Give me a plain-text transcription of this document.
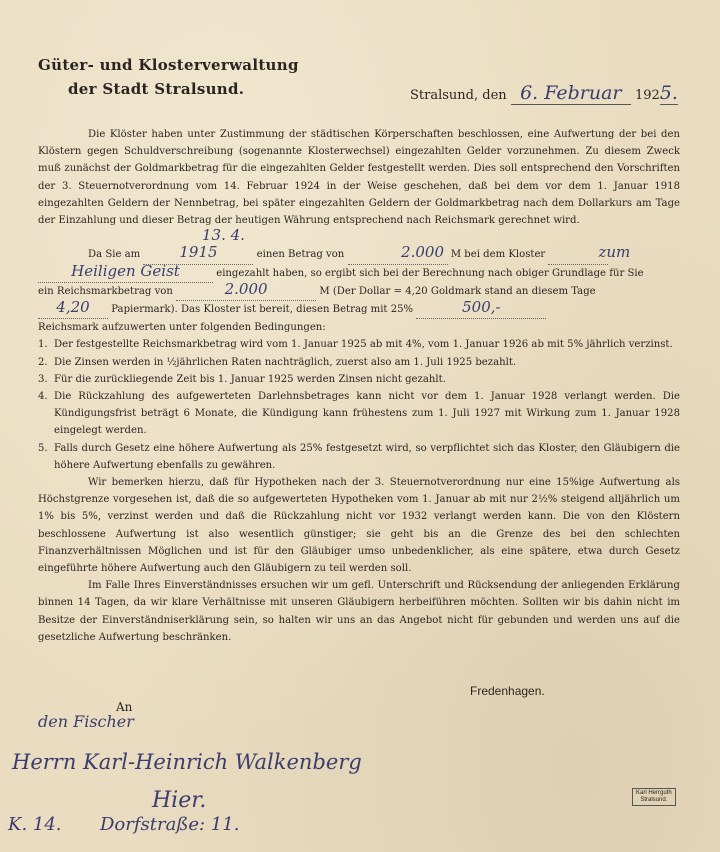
Güter- und Klosterverwaltung
der Stadt Stralsund.	Stralsund, den 6. Februar 1925.

Die Klöster haben unter Zustimmung der städtischen Körperschaften beschlossen, eine Aufwertung der bei den Klöstern gegen Schuldverschreibung (sogenannte Klosterwechsel) eingezahlten Gelder vorzunehmen. Zu diesem Zweck muß zunächst der Goldmarkbetrag für die eingezahlten Gelder festgestellt werden. Dies soll entsprechend den Vorschriften der 3. Steuernotverordnung vom 14. Februar 1924 in der Weise geschehen, daß bei dem vor dem 1. Januar 1918 eingezahlten Geldern der Nennbetrag, bei später eingezahlten Geldern der Goldmarkbetrag nach dem Dollarkurs am Tage der Einzahlung und dieser Betrag der heutigen Währung entsprechend nach Reichsmark gerechnet wird.

Da Sie am 13. 4. 1915	einen Betrag von	2.000 M bei dem Kloster	zum
Heiligen Geist	eingezahlt haben, so ergibt sich bei der Berechnung nach obiger Grundlage für Sie
ein Reichsmarkbetrag von	2.000	M (Der Dollar = 4,20 Goldmark stand an diesem Tage
4,20 Papiermark). Das Kloster ist bereit, diesen Betrag mit 25%	500,-
Reichsmark aufzuwerten unter folgenden Bedingungen:
1. Der festgestellte Reichsmarkbetrag wird vom 1. Januar 1925 ab mit 4%, vom 1. Januar 1926 ab mit 5% jährlich verzinst.
2. Die Zinsen werden in ½jährlichen Raten nachträglich, zuerst also am 1. Juli 1925 bezahlt.
3. Für die zurückliegende Zeit bis 1. Januar 1925 werden Zinsen nicht gezahlt.
4. Die Rückzahlung des aufgewerteten Darlehnsbetrages kann nicht vor dem 1. Januar 1928 verlangt werden. Die Kündigungsfrist beträgt 6 Monate, die Kündigung kann frühestens zum 1. Juli 1927 mit Wirkung zum 1. Januar 1928 eingelegt werden.
5. Falls durch Gesetz eine höhere Aufwertung als 25% festgesetzt wird, so verpflichtet sich das Kloster, den Gläubigern die höhere Aufwertung ebenfalls zu gewähren.

Wir bemerken hierzu, daß für Hypotheken nach der 3. Steuernotverordnung nur eine 15%ige Aufwertung als Höchstgrenze vorgesehen ist, daß die so aufgewerteten Hypotheken vom 1. Januar ab mit nur 2½% steigend alljährlich um 1% bis 5%, verzinst werden und daß die Rückzahlung nicht vor 1932 verlangt werden kann. Die von den Klöstern beschlossene Aufwertung ist also wesentlich günstiger; sie geht bis an die Grenze des bei den schlechten Finanzverhältnissen Möglichen und ist für den Gläubiger umso unbedenklicher, als eine spätere, etwa durch Gesetz eingeführte höhere Aufwertung auch den Gläubigern zu teil werden soll.

Im Falle Ihres Einverständnisses ersuchen wir um gefl. Unterschrift und Rücksendung der anliegenden Erklärung binnen 14 Tagen, da wir klare Verhältnisse mit unseren Gläubigern herbeiführen möchten. Sollten wir bis dahin nicht im Besitze der Einverständniserklärung sein, so halten wir uns an das Angebot nicht für gebunden und werden uns auf die gesetzliche Aufwertung beschränken.

Fredenhagen.
An
den Fischer
Herrn Karl-Heinrich Walkenberg
Hier.
K. 14. Dorfstraße: 11.
Karl Herrguth
Stralsund.
